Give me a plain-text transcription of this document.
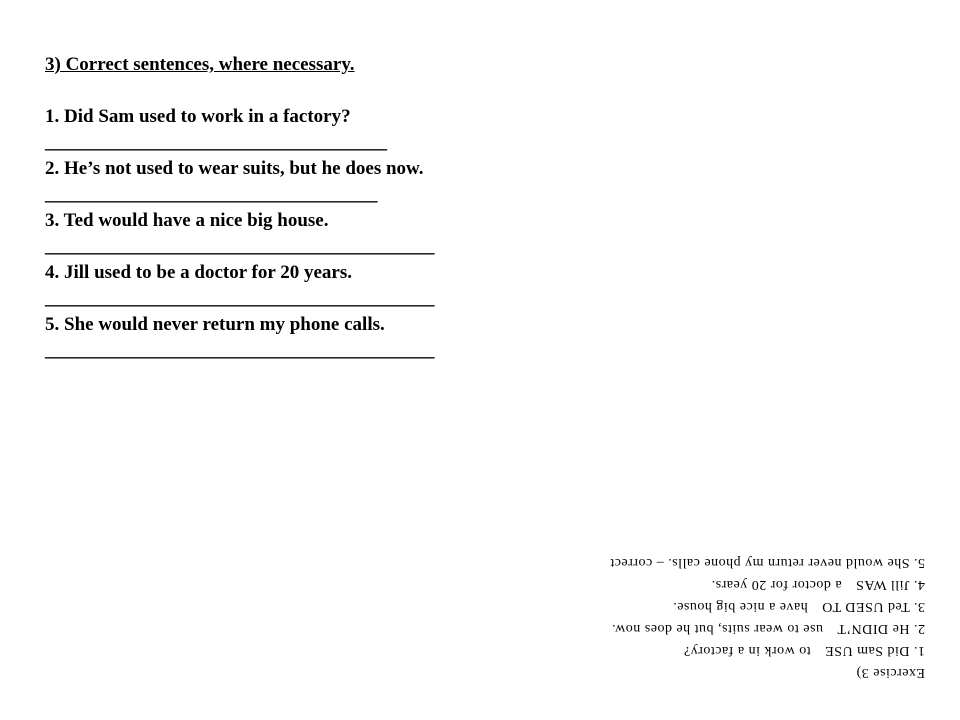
3) Correct sentences, where necessary.
1. Did Sam used to work in a factory?
____________________________________
2. He’s not used to wear suits, but he does now.
___________________________________
3. Ted would have a nice big house.
_________________________________________
4. Jill used to be a doctor for 20 years.
_________________________________________
5. She would never return my phone calls.
_________________________________________
Exercise 3)
1. Did Sam USEto work in a factory?
2. He DIDN’Tuse to wear suits, but he does now.
3. Ted USED TOhave a nice big house.
4. Jill WASa doctor for 20 years.
5. She would never return my phone calls. – correct
